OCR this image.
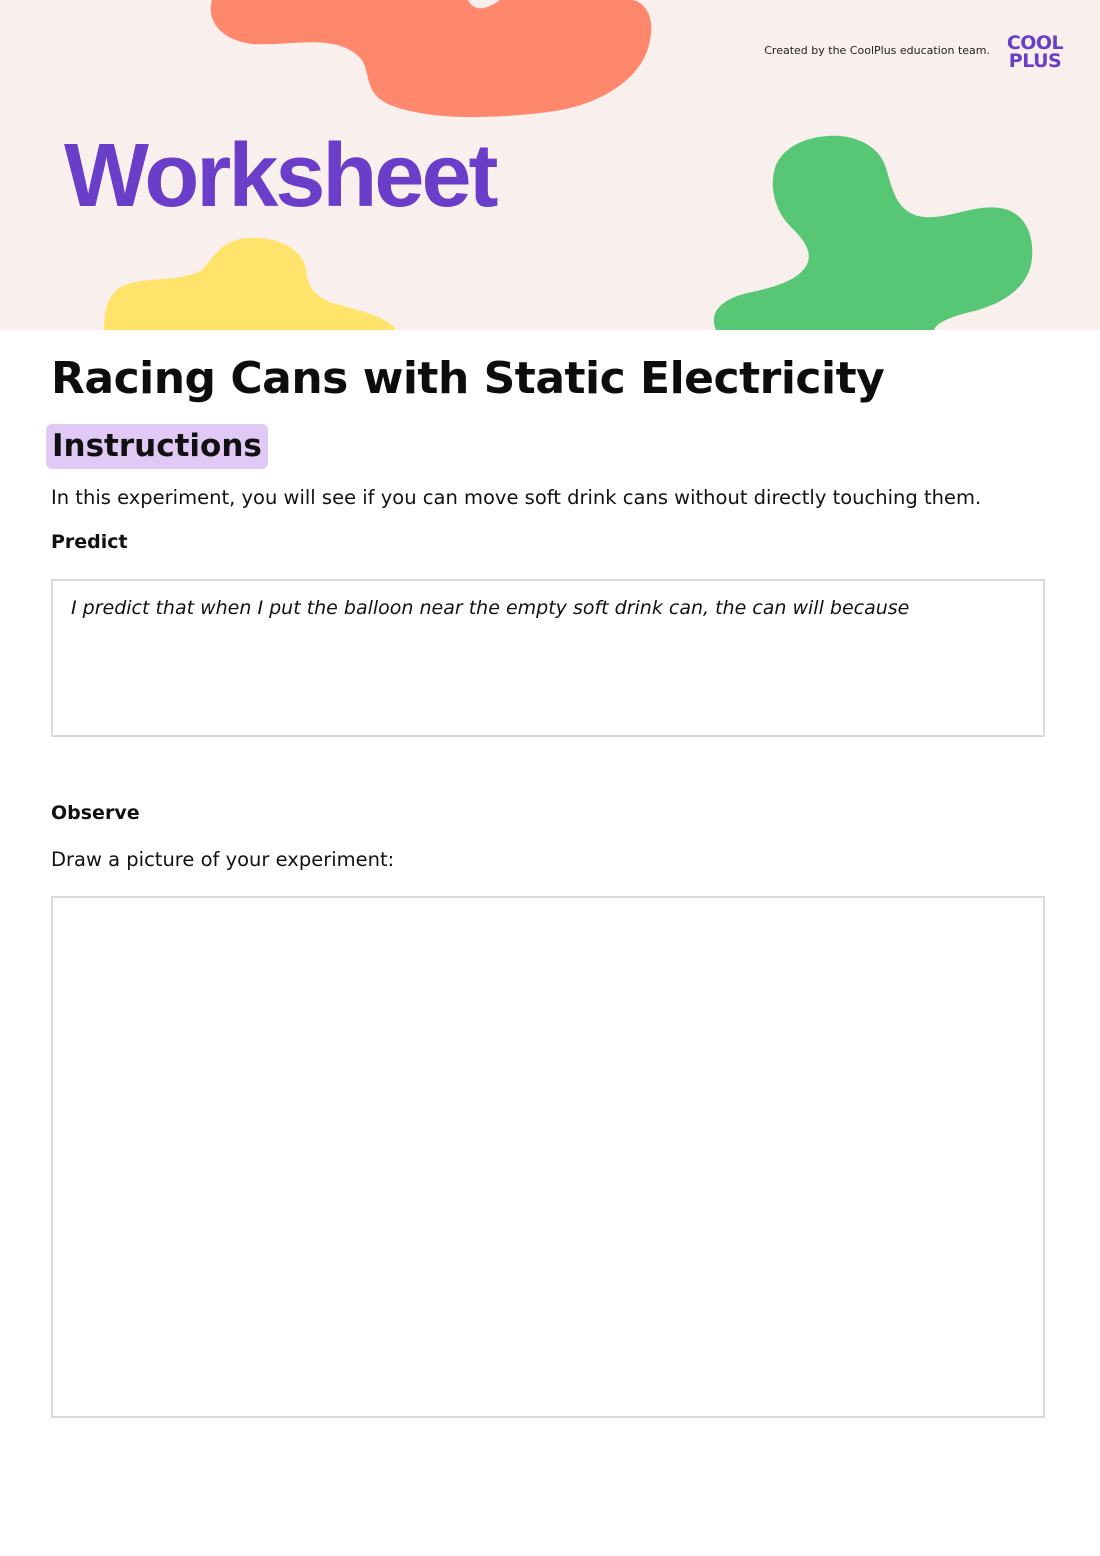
Created by the CoolPlus education team. COOL
PLUS
Worksheet
Racing Cans with Static Electricity
Instructions
In this experiment, you will see if you can move soft drink cans without directly touching them.
Predict
I predict that when I put the balloon near the empty soft drink can, the can will because
Observe
Draw a picture of your experiment:
